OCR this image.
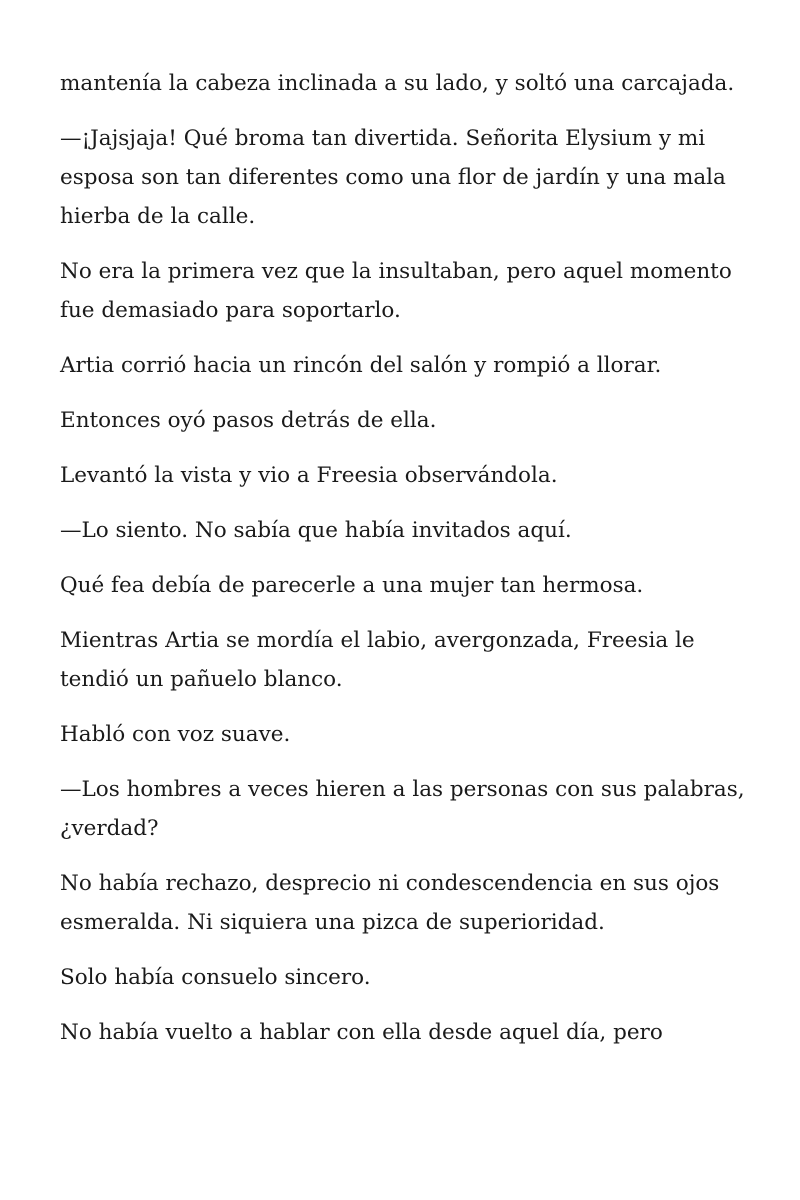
mantenía la cabeza inclinada a su lado, y soltó una carcajada.

—¡Jajsjaja! Qué broma tan divertida. Señorita Elysium y mi esposa son tan diferentes como una flor de jardín y una mala hierba de la calle.

No era la primera vez que la insultaban, pero aquel momento fue demasiado para soportarlo.

Artia corrió hacia un rincón del salón y rompió a llorar.

Entonces oyó pasos detrás de ella.

Levantó la vista y vio a Freesia observándola.

—Lo siento. No sabía que había invitados aquí.

Qué fea debía de parecerle a una mujer tan hermosa.

Mientras Artia se mordía el labio, avergonzada, Freesia le tendió un pañuelo blanco.

Habló con voz suave.

—Los hombres a veces hieren a las personas con sus palabras, ¿verdad?

No había rechazo, desprecio ni condescendencia en sus ojos esmeralda. Ni siquiera una pizca de superioridad.

Solo había consuelo sincero.

No había vuelto a hablar con ella desde aquel día, pero
